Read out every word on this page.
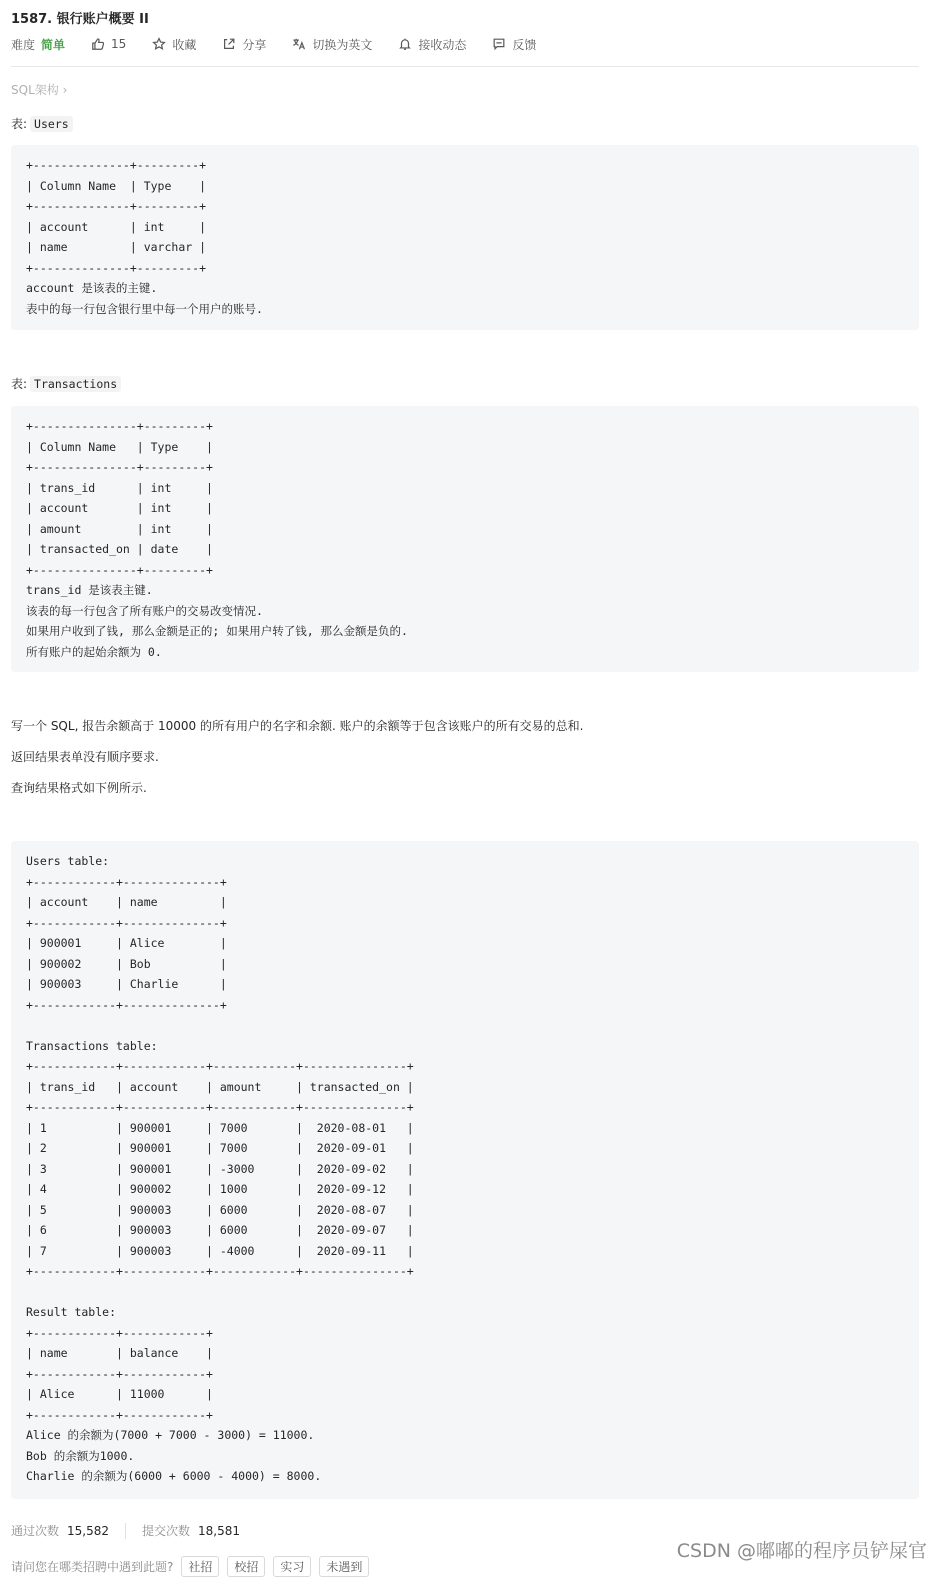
1587. 银行账户概要 II
难度 简单	15	收藏	分享	切换为英文	接收动态	反馈
SQL架构 ›
表: Users
+--------------+---------+
| Column Name  | Type    |
+--------------+---------+
| account      | int     |
| name         | varchar |
+--------------+---------+
account 是该表的主键.
表中的每一行包含银行里中每一个用户的账号.
表: Transactions
+---------------+---------+
| Column Name   | Type    |
+---------------+---------+
| trans_id      | int     |
| account       | int     |
| amount        | int     |
| transacted_on | date    |
+---------------+---------+
trans_id 是该表主键.
该表的每一行包含了所有账户的交易改变情况.
如果用户收到了钱, 那么金额是正的; 如果用户转了钱, 那么金额是负的.
所有账户的起始余额为 0.
写一个 SQL, 报告余额高于 10000 的所有用户的名字和余额. 账户的余额等于包含该账户的所有交易的总和.
返回结果表单没有顺序要求.
查询结果格式如下例所示.
Users table:
+------------+--------------+
| account    | name         |
+------------+--------------+
| 900001     | Alice        |
| 900002     | Bob          |
| 900003     | Charlie      |
+------------+--------------+

Transactions table:
+------------+------------+------------+---------------+
| trans_id   | account    | amount     | transacted_on |
+------------+------------+------------+---------------+
| 1          | 900001     | 7000       |  2020-08-01   |
| 2          | 900001     | 7000       |  2020-09-01   |
| 3          | 900001     | -3000      |  2020-09-02   |
| 4          | 900002     | 1000       |  2020-09-12   |
| 5          | 900003     | 6000       |  2020-08-07   |
| 6          | 900003     | 6000       |  2020-09-07   |
| 7          | 900003     | -4000      |  2020-09-11   |
+------------+------------+------------+---------------+

Result table:
+------------+------------+
| name       | balance    |
+------------+------------+
| Alice      | 11000      |
+------------+------------+
Alice 的余额为(7000 + 7000 - 3000) = 11000.
Bob 的余额为1000.
Charlie 的余额为(6000 + 6000 - 4000) = 8000.
通过次数 15,582	提交次数 18,581
请问您在哪类招聘中遇到此题?	社招	校招	实习	未遇到
CSDN @嘟嘟的程序员铲屎官
